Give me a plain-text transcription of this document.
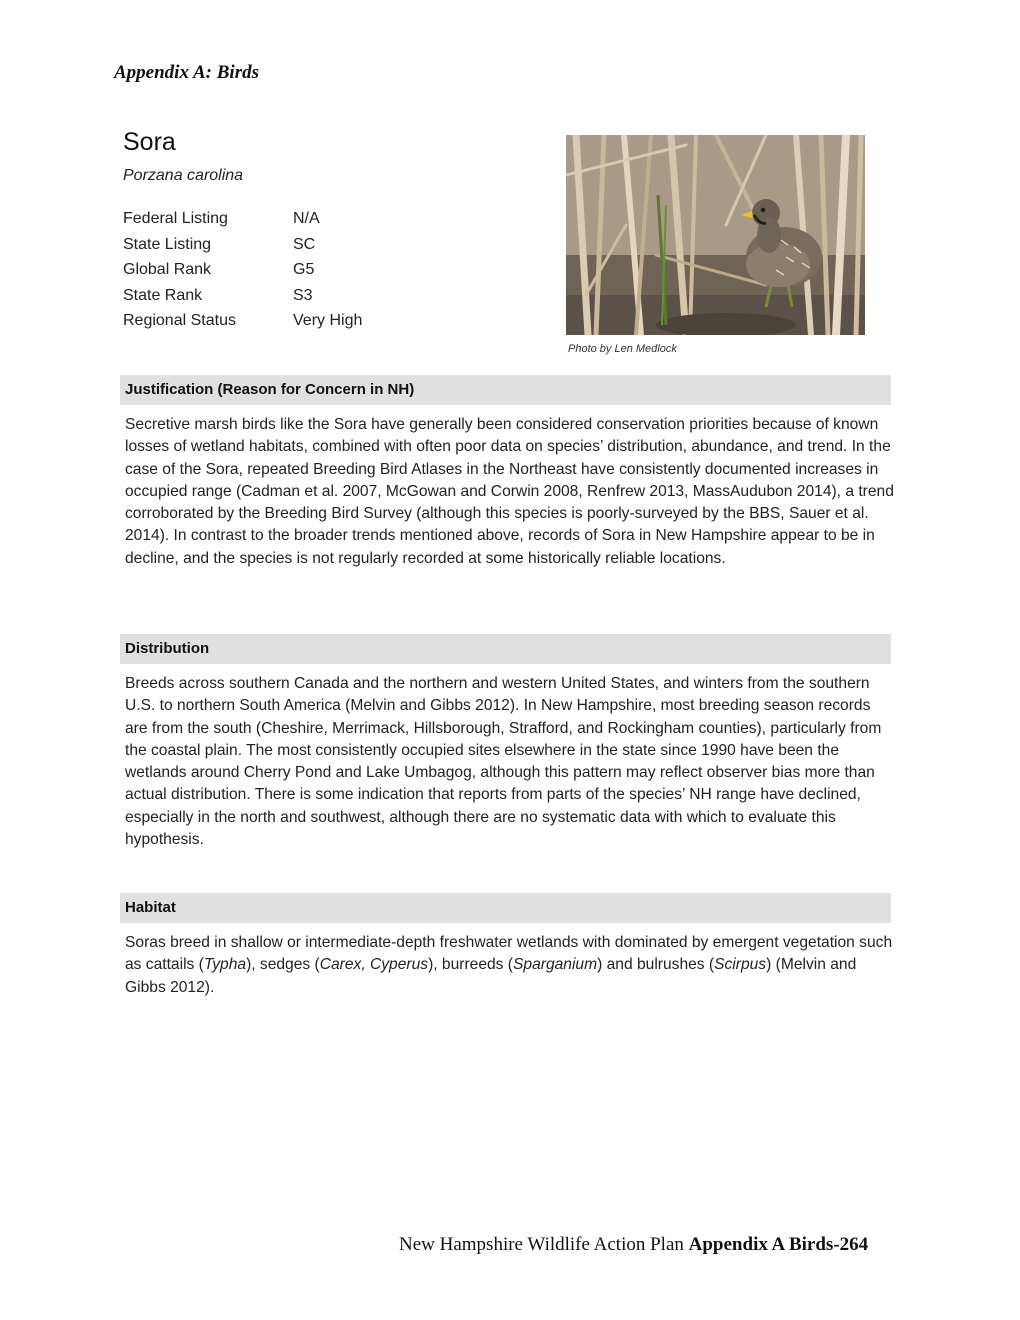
Appendix A: Birds
Sora
Porzana carolina
Federal Listing	N/A
State Listing	SC
Global Rank	G5
State Rank	S3
Regional Status	Very High
Photo by Len Medlock
Justification (Reason for Concern in NH)
Secretive marsh birds like the Sora have generally been considered conservation priorities because of known losses of wetland habitats, combined with often poor data on species’ distribution, abundance, and trend. In the case of the Sora, repeated Breeding Bird Atlases in the Northeast have consistently documented increases in occupied range (Cadman et al. 2007, McGowan and Corwin 2008, Renfrew 2013, MassAudubon 2014), a trend corroborated by the Breeding Bird Survey (although this species is poorly-surveyed by the BBS, Sauer et al. 2014). In contrast to the broader trends mentioned above, records of Sora in New Hampshire appear to be in decline, and the species is not regularly recorded at some historically reliable locations.
Distribution
Breeds across southern Canada and the northern and western United States, and winters from the southern U.S. to northern South America (Melvin and Gibbs 2012). In New Hampshire, most breeding season records are from the south (Cheshire, Merrimack, Hillsborough, Strafford, and Rockingham counties), particularly from the coastal plain. The most consistently occupied sites elsewhere in the state since 1990 have been the wetlands around Cherry Pond and Lake Umbagog, although this pattern may reflect observer bias more than actual distribution. There is some indication that reports from parts of the species’ NH range have declined, especially in the north and southwest, although there are no systematic data with which to evaluate this hypothesis.
Habitat
Soras breed in shallow or intermediate-depth freshwater wetlands with dominated by emergent vegetation such as cattails (Typha), sedges (Carex, Cyperus), burreeds (Sparganium) and bulrushes (Scirpus) (Melvin and Gibbs 2012).
New Hampshire Wildlife Action Plan Appendix A Birds-264
